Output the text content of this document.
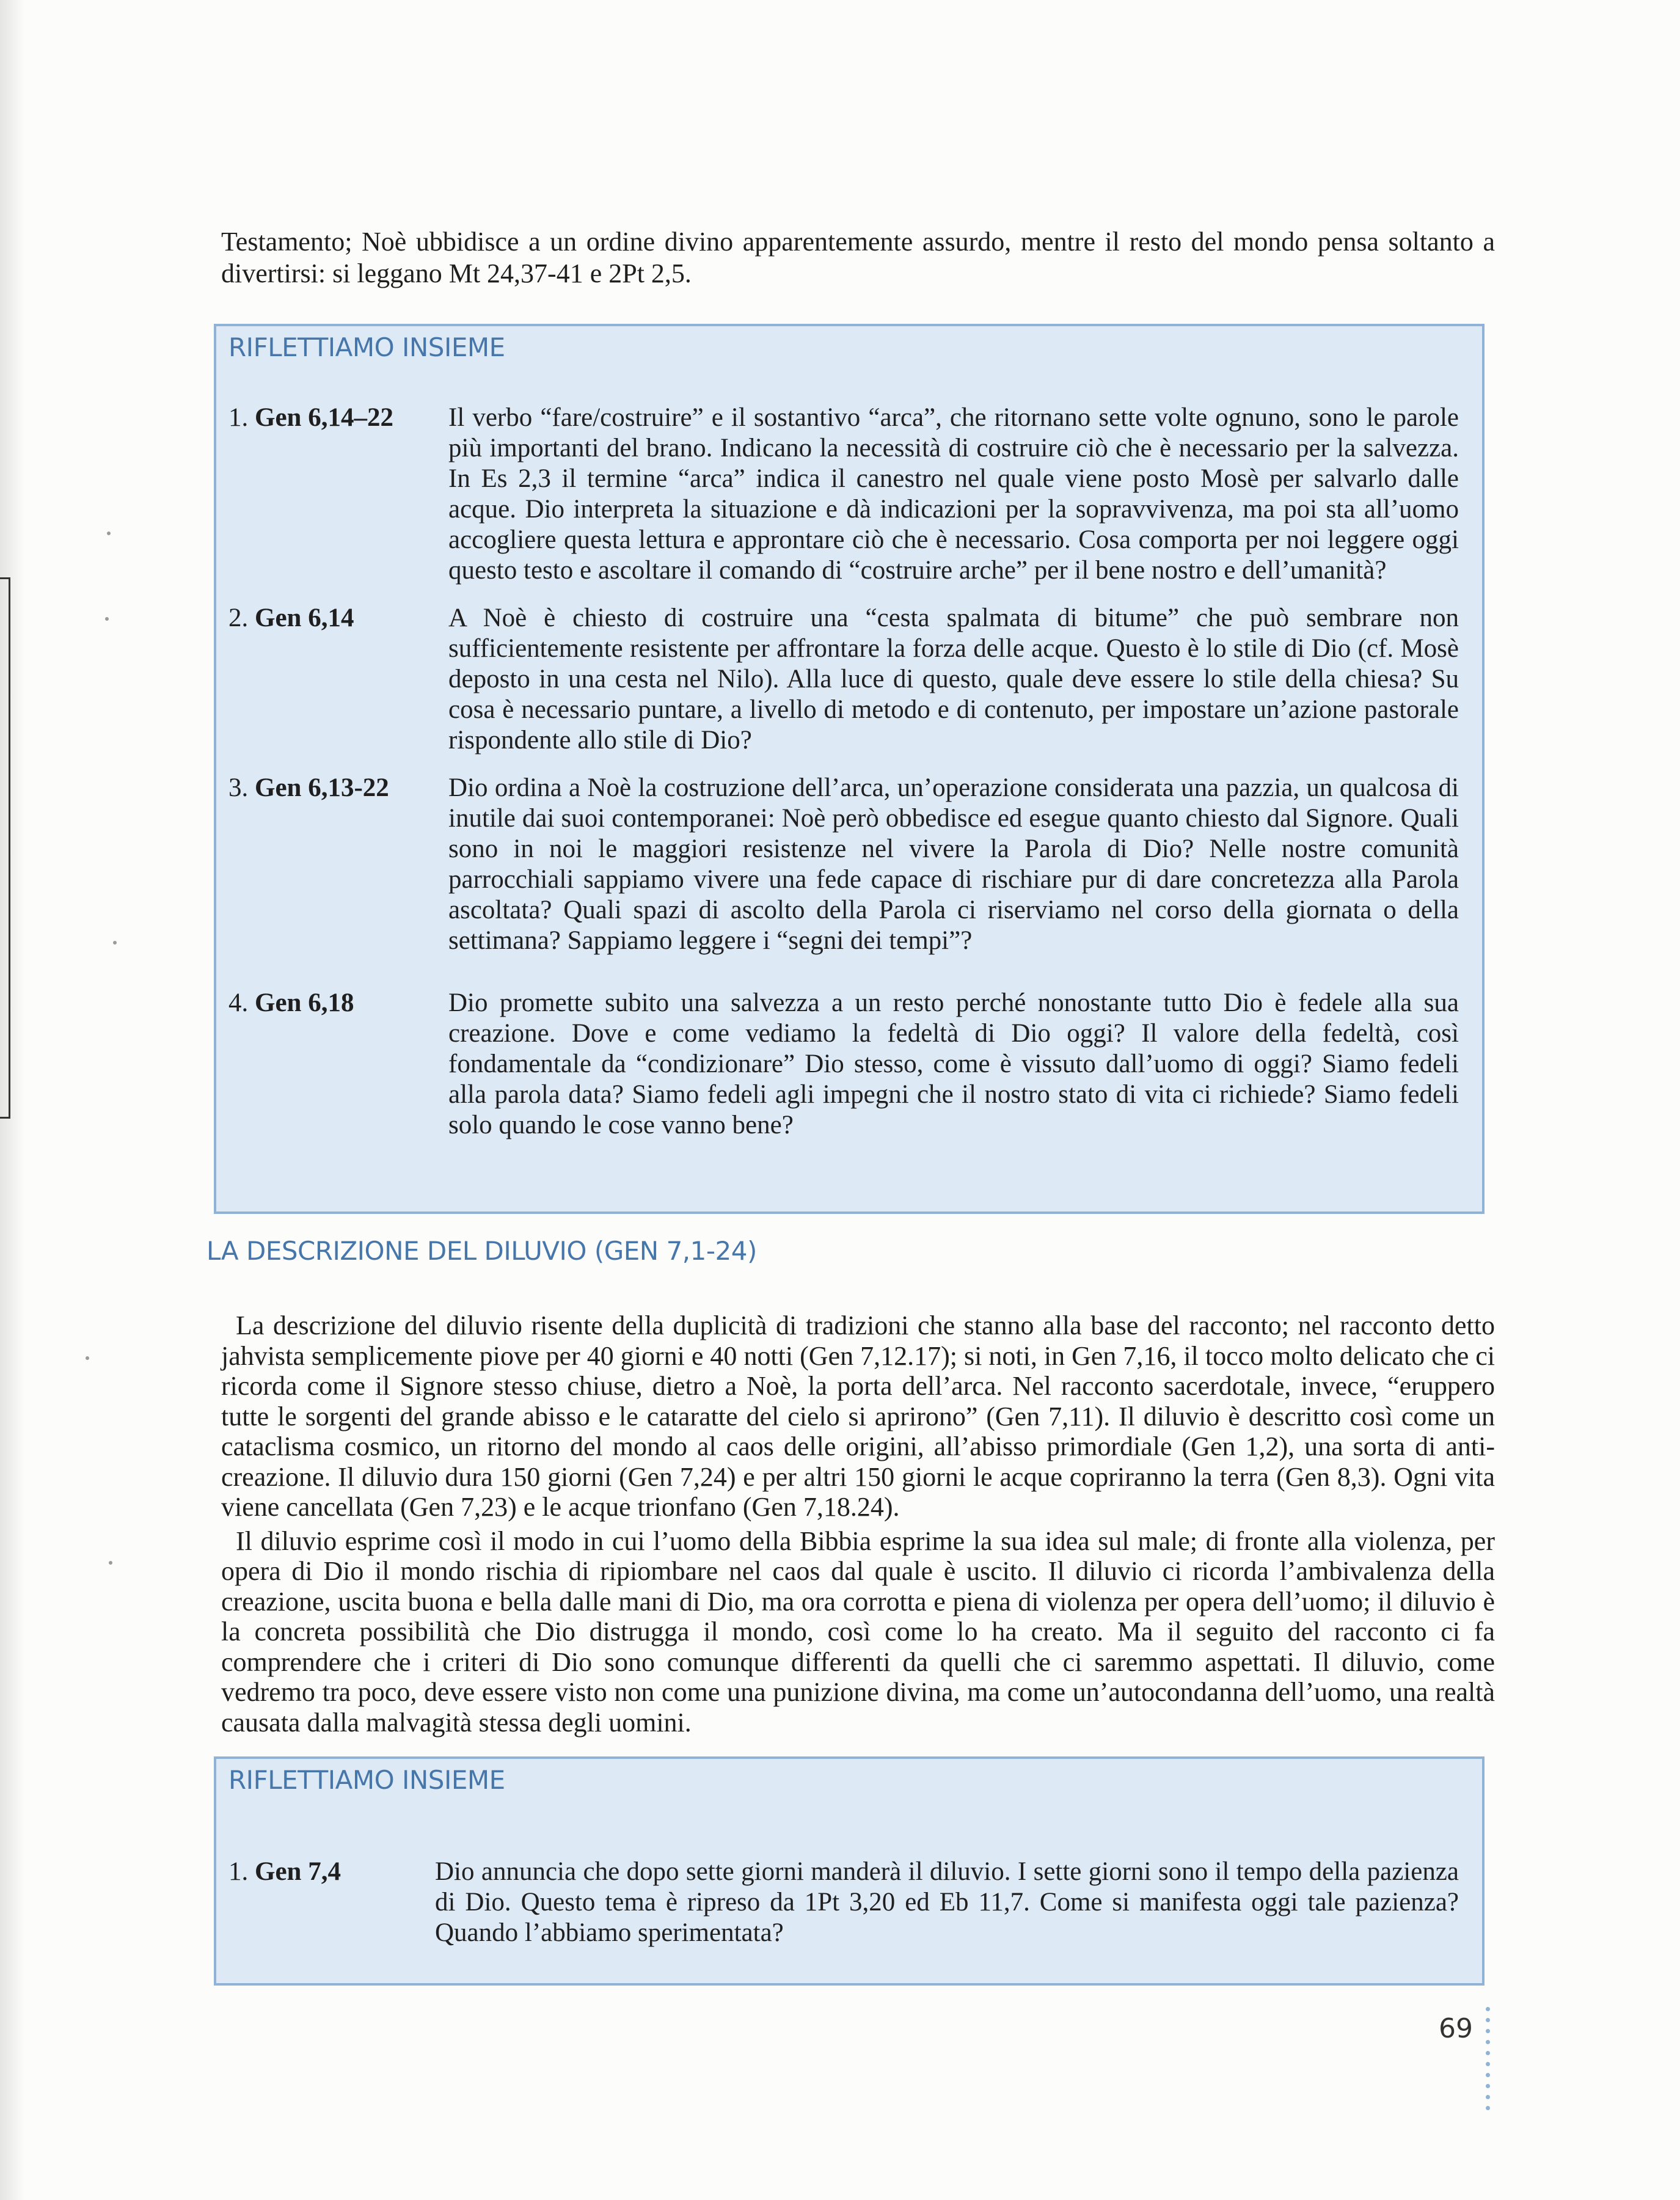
Testamento; Noè ubbidisce a un ordine divino apparentemente assurdo, mentre il resto del mondo pensa soltanto a divertirsi: si leggano Mt 24,37-41 e 2Pt 2,5.

RIFLETTIAMO INSIEME
1. Gen 6,14–22	Il verbo “fare/costruire” e il sostantivo “arca”, che ritornano sette volte ognuno, sono le parole più importanti del brano. Indicano la necessità di costruire ciò che è necessario per la salvezza. In Es 2,3 il termine “arca” indica il canestro nel quale viene posto Mosè per salvarlo dalle acque. Dio interpreta la situazione e dà indicazioni per la sopravvivenza, ma poi sta all’uomo accogliere questa lettura e approntare ciò che è necessario. Cosa comporta per noi leggere oggi questo testo e ascoltare il comando di “costruire arche” per il bene nostro e dell’umanità?

2. Gen 6,14	A Noè è chiesto di costruire una “cesta spalmata di bitume” che può sembrare non sufficientemente resistente per affrontare la forza delle acque. Questo è lo stile di Dio (cf. Mosè deposto in una cesta nel Nilo). Alla luce di questo, quale deve essere lo stile della chiesa? Su cosa è necessario puntare, a livello di metodo e di contenuto, per impostare un’azione pastorale rispondente allo stile di Dio?

3. Gen 6,13-22	Dio ordina a Noè la costruzione dell’arca, un’operazione considerata una pazzia, un qualcosa di inutile dai suoi contemporanei: Noè però obbedisce ed esegue quanto chiesto dal Signore. Quali sono in noi le maggiori resistenze nel vivere la Parola di Dio? Nelle nostre comunità parrocchiali sappiamo vivere una fede capace di rischiare pur di dare concretezza alla Parola ascoltata? Quali spazi di ascolto della Parola ci riserviamo nel corso della giornata o della settimana? Sappiamo leggere i “segni dei tempi”?

4. Gen 6,18	Dio promette subito una salvezza a un resto perché nonostante tutto Dio è fedele alla sua creazione. Dove e come vediamo la fedeltà di Dio oggi? Il valore della fedeltà, così fondamentale da “condizionare” Dio stesso, come è vissuto dall’uomo di oggi? Siamo fedeli alla parola data? Siamo fedeli agli impegni che il nostro stato di vita ci richiede? Siamo fedeli solo quando le cose vanno bene?

LA DESCRIZIONE DEL DILUVIO (GEN 7,1-24)

La descrizione del diluvio risente della duplicità di tradizioni che stanno alla base del racconto; nel racconto detto jahvista semplicemente piove per 40 giorni e 40 notti (Gen 7,12.17); si noti, in Gen 7,16, il tocco molto delicato che ci ricorda come il Signore stesso chiuse, dietro a Noè, la porta dell’arca. Nel racconto sacerdotale, invece, “eruppero tutte le sorgenti del grande abisso e le cataratte del cielo si aprirono” (Gen 7,11). Il diluvio è descritto così come un cataclisma cosmico, un ritorno del mondo al caos delle origini, all’abisso primordiale (Gen 1,2), una sorta di anti-creazione. Il diluvio dura 150 giorni (Gen 7,24) e per altri 150 giorni le acque copriranno la terra (Gen 8,3). Ogni vita viene cancellata (Gen 7,23) e le acque trionfano (Gen 7,18.24).

Il diluvio esprime così il modo in cui l’uomo della Bibbia esprime la sua idea sul male; di fronte alla violenza, per opera di Dio il mondo rischia di ripiombare nel caos dal quale è uscito. Il diluvio ci ricorda l’ambivalenza della creazione, uscita buona e bella dalle mani di Dio, ma ora corrotta e piena di violenza per opera dell’uomo; il diluvio è la concreta possibilità che Dio distrugga il mondo, così come lo ha creato. Ma il seguito del racconto ci fa comprendere che i criteri di Dio sono comunque differenti da quelli che ci saremmo aspettati. Il diluvio, come vedremo tra poco, deve essere visto non come una punizione divina, ma come un’autocondanna dell’uomo, una realtà causata dalla malvagità stessa degli uomini.

RIFLETTIAMO INSIEME
1. Gen 7,4	Dio annuncia che dopo sette giorni manderà il diluvio. I sette giorni sono il tempo della pazienza di Dio. Questo tema è ripreso da 1Pt 3,20 ed Eb 11,7. Come si manifesta oggi tale pazienza? Quando l’abbiamo sperimentata?

69
